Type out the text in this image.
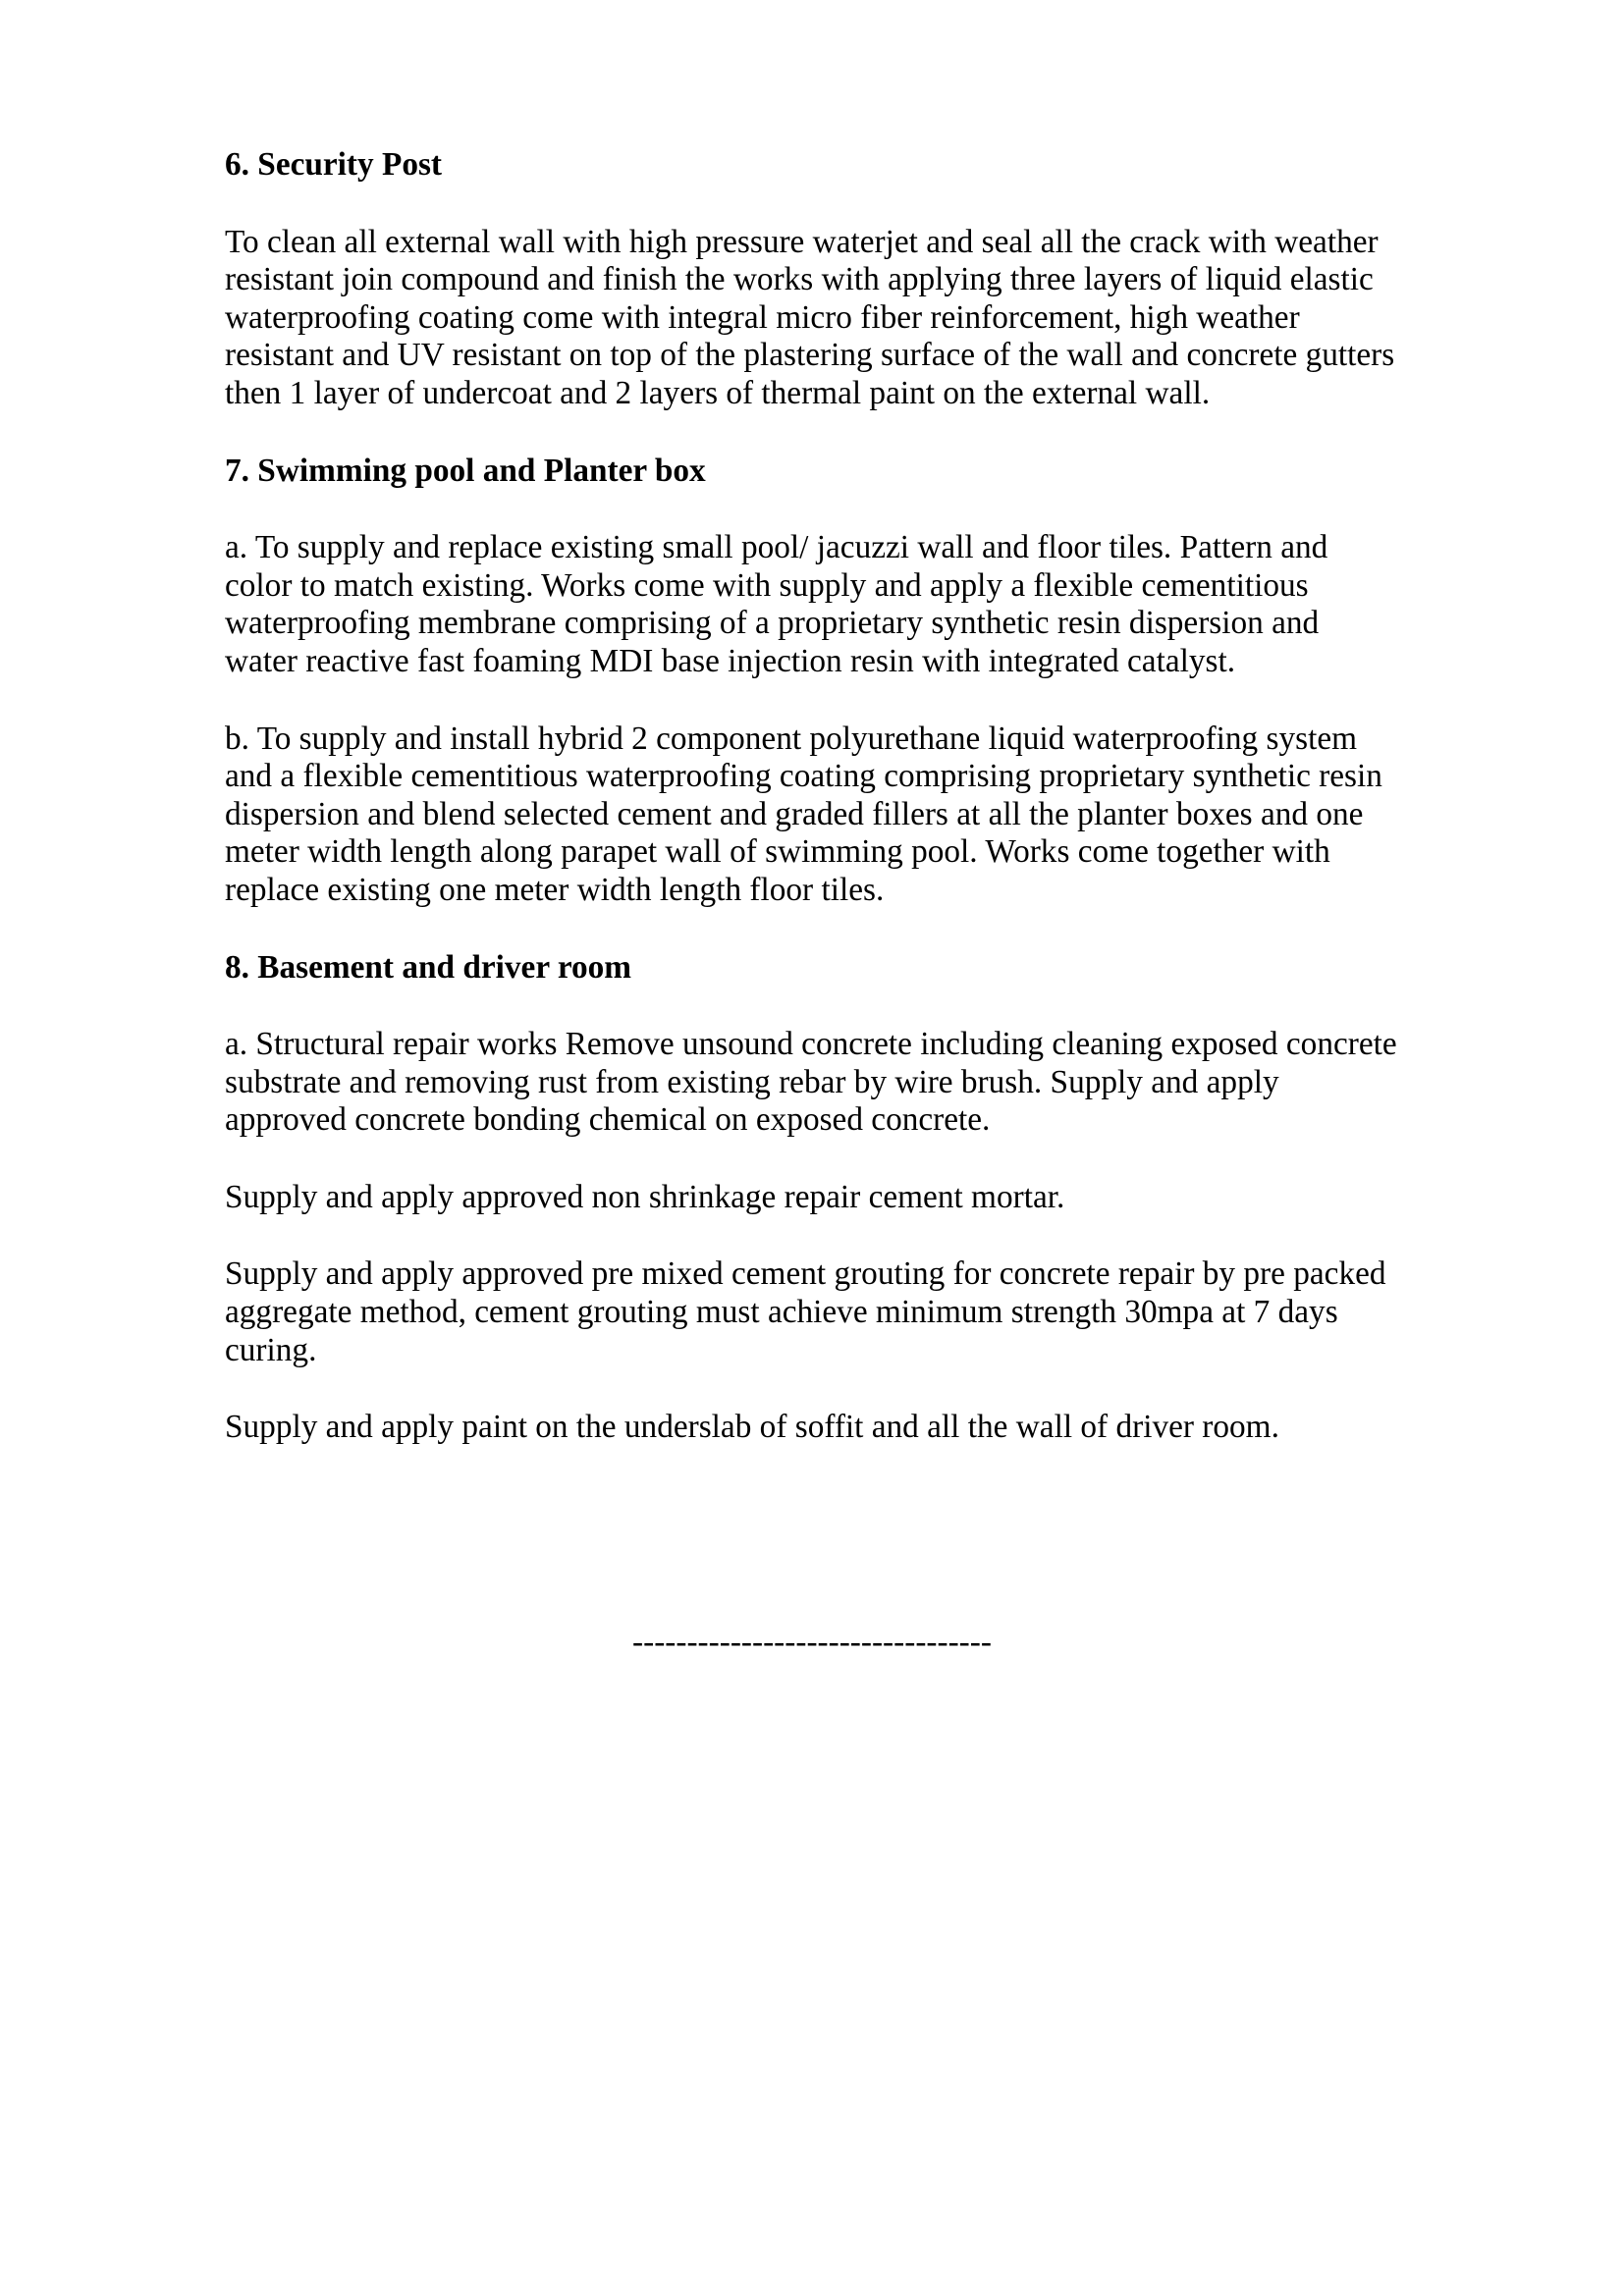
6. Security Post

To clean all external wall with high pressure waterjet and seal all the crack with weather resistant join compound and finish the works with applying three layers of liquid elastic waterproofing coating come with integral micro fiber reinforcement, high weather resistant and UV resistant on top of the plastering surface of the wall and concrete gutters then 1 layer of undercoat and 2 layers of thermal paint on the external wall.

7. Swimming pool and Planter box

a. To supply and replace existing small pool/ jacuzzi wall and floor tiles. Pattern and color to match existing. Works come with supply and apply a flexible cementitious waterproofing membrane comprising of a proprietary synthetic resin dispersion and water reactive fast foaming MDI base injection resin with integrated catalyst.

b. To supply and install hybrid 2 component polyurethane liquid waterproofing system and a flexible cementitious waterproofing coating comprising proprietary synthetic resin dispersion and blend selected cement and graded fillers at all the planter boxes and one meter width length along parapet wall of swimming pool. Works come together with replace existing one meter width length floor tiles.

8. Basement and driver room

a. Structural repair works Remove unsound concrete including cleaning exposed concrete substrate and removing rust from existing rebar by wire brush. Supply and apply approved concrete bonding chemical on exposed concrete.

Supply and apply approved non shrinkage repair cement mortar.

Supply and apply approved pre mixed cement grouting for concrete repair by pre packed aggregate method, cement grouting must achieve minimum strength 30mpa at 7 days curing.

Supply and apply paint on the underslab of soffit and all the wall of driver room.

---------------------------------
